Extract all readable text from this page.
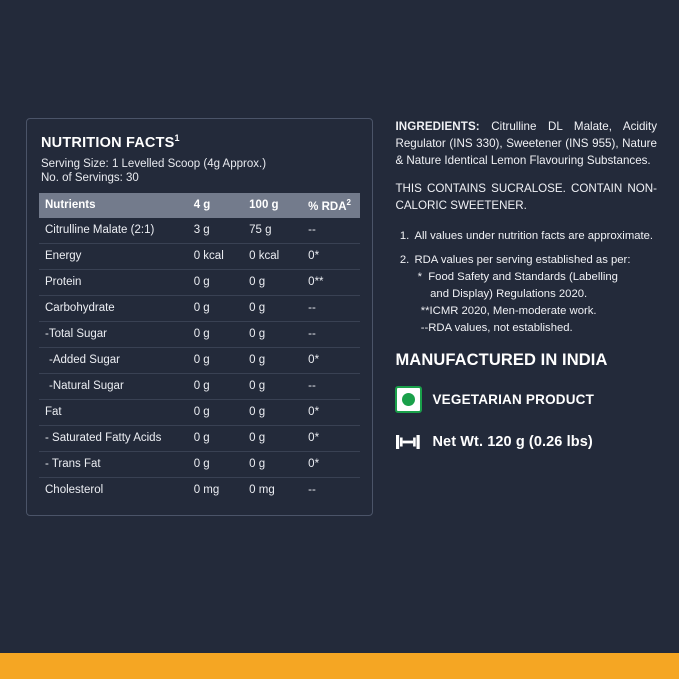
NUTRITION FACTS$^1$
Serving Size: 1 Levelled Scoop (4g Approx.)
No. of Servings: 30
Nutrients	4 g	100 g	% RDA$^2$
Citrulline Malate (2:1)	3 g	75 g	--
Energy	0 kcal	0 kcal	0*
Protein	0 g	0 g	0**
Carbohydrate	0 g	0 g	--
-Total Sugar	0 g	0 g	--
-Added Sugar	0 g	0 g	0*
-Natural Sugar	0 g	0 g	--
Fat	0 g	0 g	0*
- Saturated Fatty Acids	0 g	0 g	0*
- Trans Fat	0 g	0 g	0*
Cholesterol	0 mg	0 mg	--
INGREDIENTS: Citrulline DL Malate, Acidity Regulator (INS 330), Sweetener (INS 955), Nature & Nature Identical Lemon Flavouring Substances.
THIS CONTAINS SUCRALOSE. CONTAIN NON-CALORIC SWEETENER.
1. All values under nutrition facts are approximate.
2. RDA values per serving established as per:
*  Food Safety and Standards (Labelling
and Display) Regulations 2020.
**ICMR 2020, Men-moderate work.
--RDA values, not established.
MANUFACTURED IN INDIA
VEGETARIAN PRODUCT
Net Wt. 120 g (0.26 lbs)
